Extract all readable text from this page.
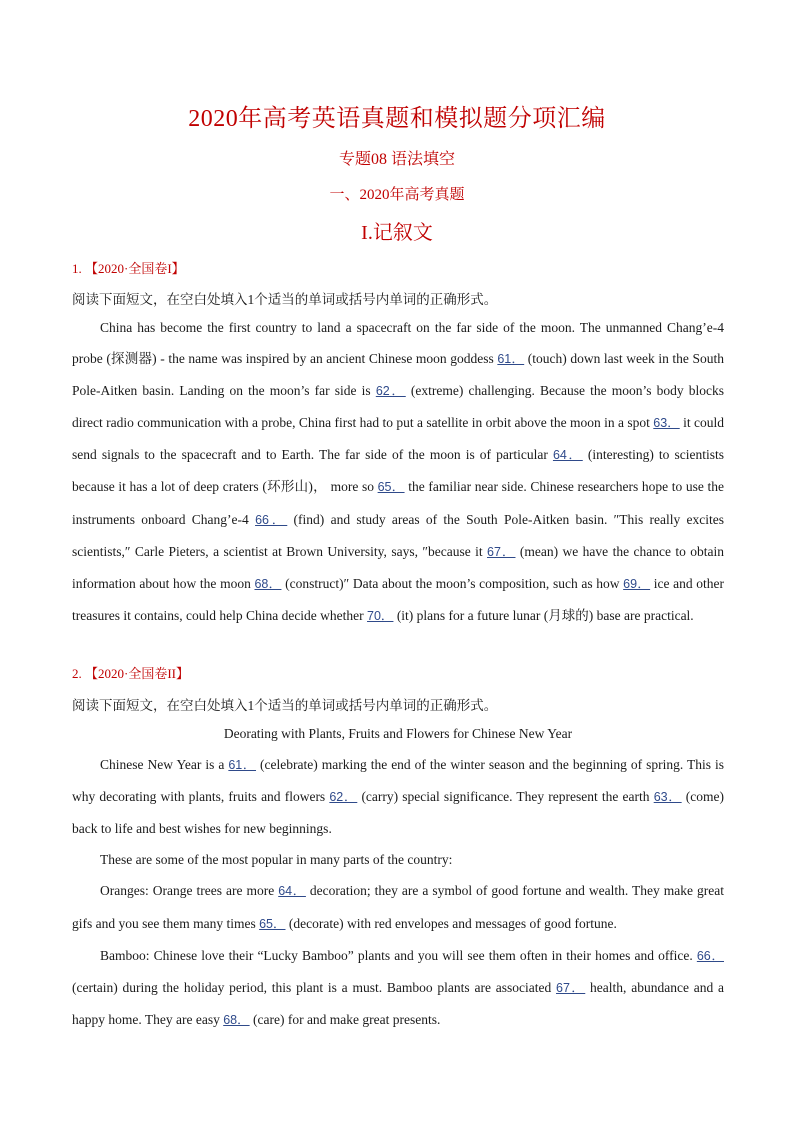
2020年高考英语真题和模拟题分项汇编
专题08 语法填空
一、2020年高考真题
I.记叙文
1. 【2020·全国卷I】
阅读下面短文，在空白处填入1个适当的单词或括号内单词的正确形式。

China has become the first country to land a spacecraft on the far side of the moon. The unmanned Chang’e-4 probe (探测器) - the name was inspired by an ancient Chinese moon goddess 61． (touch) down last week in the South Pole-Aitken basin. Landing on the moon’s far side is 62． (extreme) challenging. Because the moon’s body blocks direct radio communication with a probe, China first had to put a satellite in orbit above the moon in a spot 63． it could send signals to the spacecraft and to Earth. The far side of the moon is of particular 64． (interesting) to scientists because it has a lot of deep craters (环形山)， more so 65． the familiar near side. Chinese researchers hope to use the instruments onboard Chang’e-4 66． (find) and study areas of the South Pole-Aitken basin. ″This really excites scientists,″ Carle Pieters, a scientist at Brown University, says, ″because it 67． (mean) we have the chance to obtain information about how the moon 68． (construct)″ Data about the moon’s composition, such as how 69． ice and other treasures it contains, could help China decide whether 70． (it) plans for a future lunar (月球的) base are practical.

2. 【2020·全国卷II】
阅读下面短文，在空白处填入1个适当的单词或括号内单词的正确形式。

Deorating with Plants, Fruits and Flowers for Chinese New Year

Chinese New Year is a 61． (celebrate) marking the end of the winter season and the beginning of spring. This is why decorating with plants, fruits and flowers 62． (carry) special significance. They represent the earth 63． (come) back to life and best wishes for new beginnings.

These are some of the most popular in many parts of the country:

Oranges: Orange trees are more 64． decoration; they are a symbol of good fortune and wealth. They make great gifs and you see them many times 65． (decorate) with red envelopes and messages of good fortune.

Bamboo: Chinese love their “Lucky Bamboo” plants and you will see them often in their homes and office. 66． (certain) during the holiday period, this plant is a must. Bamboo plants are associated 67． health, abundance and a happy home. They are easy 68． (care) for and make great presents.
